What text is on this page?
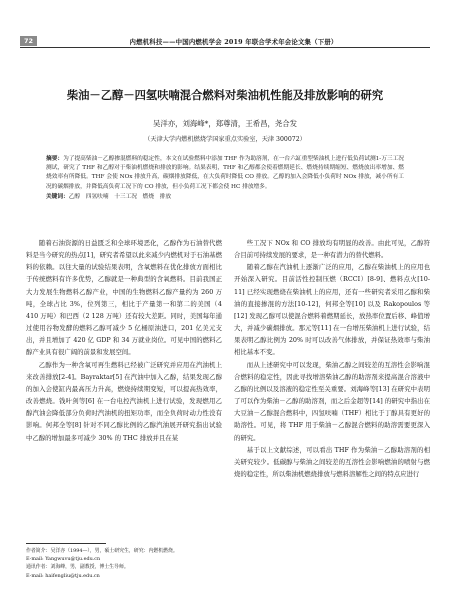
72	内燃机科技——中国内燃机学会 2019 年联合学术年会论文集（下册）
柴油－乙醇－四氢呋喃混合燃料对柴油机性能及排放影响的研究
吴洋亦，刘海峰*，郑尊清，王希昌，尧合发
（天津大学内燃机燃烧学国家重点实验室，天津 300072）
摘要：为了提高柴油－乙醇掺混燃料的稳定性，本文在试验燃料中添加 THF 作为助溶剂，在一台六缸重型柴油机上进行低负荷试测1-万三工况测试，研究了 THF 和乙醇对于柴油机燃烧和排放的影响。结果表明，THF 和乙醇都会使着燃期延长、燃烧持续期缩短、燃烧放出率增加、燃烧效率有所降低。THF 会使 NOx 排放升高，碳烟排放降低，在大负荷时降低 CO 排放。乙醇的加入会降低小负荷时 NOx 排放，减小所有工况的碳烟排放，并降低高负荷工况下的 CO 排放，但小负荷工况下都会使 HC 排放增多。
关键词：乙醇　四氢呋喃　十三工况　燃烧　排放

随着石油资源的日益匮乏和全球环境恶化，乙醇作为石油替代燃料是当今研究的热点[1]，研究者希望以此来减少内燃机对于石油基燃料的依赖。以往大量的试验结果表明，含氧燃料在优化排放方面相比于传统燃料有许多优势，乙醇就是一种典型的含氧燃料。目前我国正大力发展生物燃料乙醇产业，中国的生物燃料乙醇产量约为 260 万吨，全球占比 3%，位列第三，相比于产量第一和第二的美国（4 410 万吨）和巴西（2 128 万吨）还有较大差距。同时，美国每年通过使用谷物发酵的燃料乙醇可减少 5 亿桶原油进口，201 亿美元支出，并且增加了 420 亿 GDP 和 34 万就业岗位。可见中国的燃料乙醇产业具有很广阔的前景和发展空间。

乙醇作为一种含氧可再生燃料已经被广泛研究并应用在汽油机上来改善排放[2-4]。Bayraktar[5] 在汽油中加入乙醇，结果发现乙醇的加入会使缸内最高压力升高，燃烧持续期变短，可以提高热效率，改善燃烧。钱叶剑等[6] 在一台电控汽油机上进行试验，发现燃用乙醇汽油会降低部分负荷时汽油机的扭矩功率，而全负荷时动力性没有影响。何邦全等[8] 针对不同乙醇比例的乙醇汽油展开研究指出试验中乙醇的增加最多可减少 30% 的 THC 排放并且在某

些工况下 NOx 和 CO 排放均有明显的改善。由此可见，乙醇符合目前可持续发展的要求，是一种有潜力的替代燃料。

随着乙醇在汽油机上逐渐广泛的应用，乙醇在柴油机上的应用也开始深入研究。目前活性控制压燃（RCCI）[8-9]、燃料点火[10-11] 已经实现燃烧在柴油机上的应用，还有一些研究者采用乙醇和柴油的直接掺混的方法[10-12]，何邦全等[10] 以及 Rakopoulos 等[12] 发现乙醇可以使混合燃料着燃期延长，放热率位置后移、峰值增大，并减少碳烟排放。那元等[11] 在一台增压柴油机上进行试验，结果表明乙醇比例为 20% 时可以改善气体排放，并保证热效率与柴油相比基本不变。

而从上述研究中可以发现，柴油乙醇之间较差的互溶性会影响混合燃料的稳定性，因此寻找增溶柴油乙醇的助溶剂来提高混合溶液中乙醇的比例以及溶液的稳定性至关重要。刘海峰等[13] 在研究中表明了可以作为柴油－乙醇的助溶剂，而之后金超等[14] 的研究中指出在大豆油－乙醇混合燃料中，四氢呋喃（THF）相比于丁醇具有更好的助溶性。可见，将 THF 用于柴油－乙醇混合燃料的助溶需要更深入的研究。

基于以上文献综述，可以看出 THF 作为柴油－乙醇助溶剂的相关研究较少。低碳醇与柴油之间较差的互溶性会影响燃油的喷射与燃烧的稳定性，所以柴油机燃烧排放与燃料溶解性之间的特点应进行

作者简介：吴洋亦（1994—），男，硕士研究生，研究：内燃机燃烧。
E-mail: Yangwuvu@tju.edu.cn
通讯作者：刘海峰，男，副教授，博士生导师。
E-mail: haifengliu@tju.edu.cn
